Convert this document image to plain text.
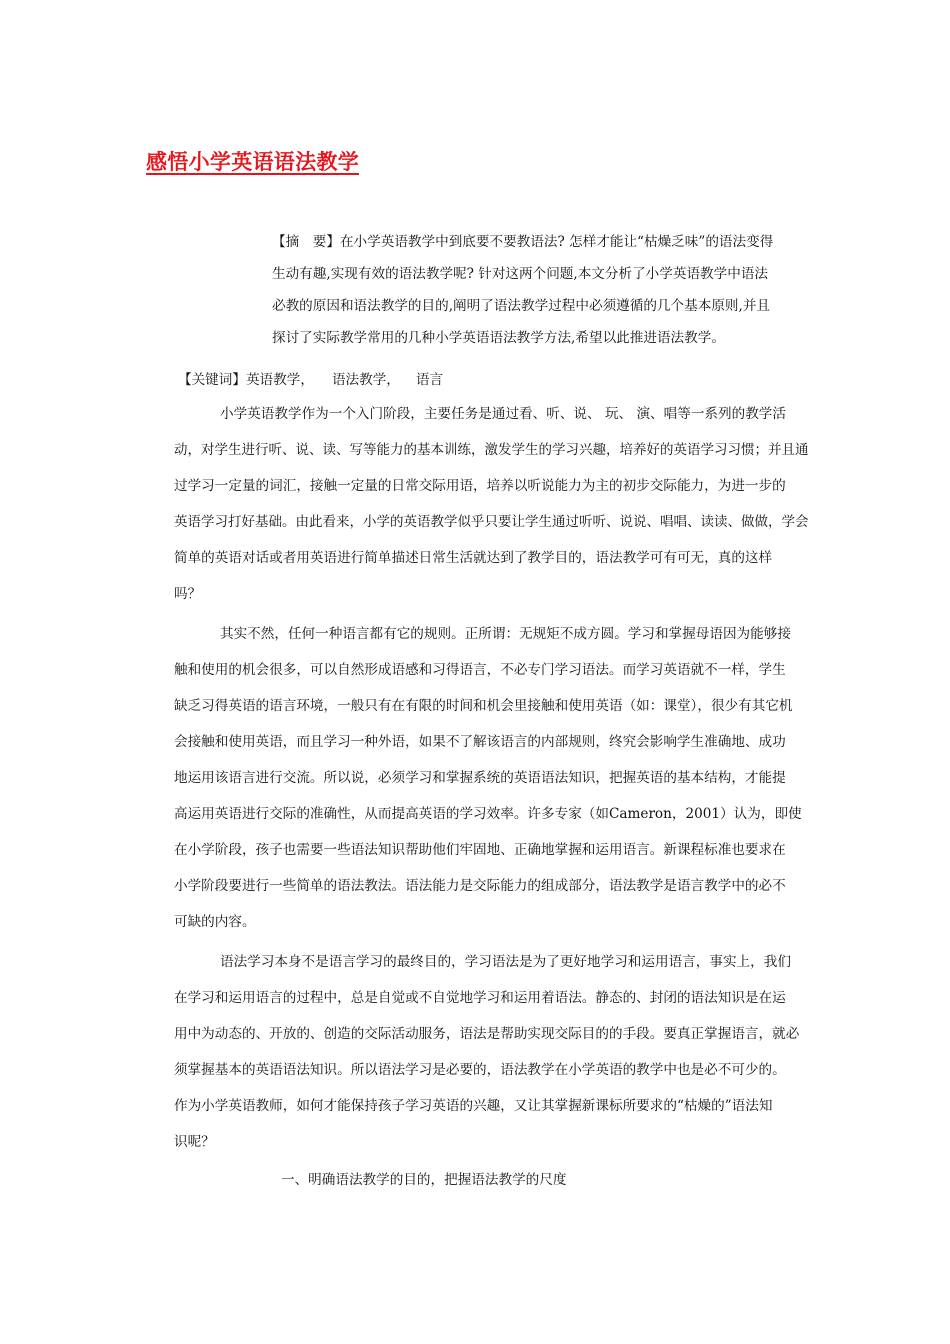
感悟小学英语语法教学
【摘　要】在小学英语教学中到底要不要教语法? 怎样才能让“枯燥乏味”的语法变得
生动有趣,实现有效的语法教学呢? 针对这两个问题,本文分析了小学英语教学中语法
必教的原因和语法教学的目的,阐明了语法教学过程中必须遵循的几个基本原则,并且
探讨了实际教学常用的几种小学英语语法教学方法,希望以此推进语法教学。
【关键词】英语教学， 语法教学， 语言
小学英语教学作为一个入门阶段，主要任务是通过看、听、说、 玩、 演、唱等一系列的教学活
动，对学生进行听、说、读、写等能力的基本训练，激发学生的学习兴趣，培养好的英语学习习惯；并且通
过学习一定量的词汇，接触一定量的日常交际用语，培养以听说能力为主的初步交际能力，为进一步的
英语学习打好基础。由此看来，小学的英语教学似乎只要让学生通过听听、说说、唱唱、读读、做做，学会
简单的英语对话或者用英语进行简单描述日常生活就达到了教学目的，语法教学可有可无，真的这样
吗？
其实不然，任何一种语言都有它的规则。正所谓：无规矩不成方圆。学习和掌握母语因为能够接
触和使用的机会很多，可以自然形成语感和习得语言，不必专门学习语法。而学习英语就不一样，学生
缺乏习得英语的语言环境，一般只有在有限的时间和机会里接触和使用英语（如：课堂），很少有其它机
会接触和使用英语，而且学习一种外语，如果不了解该语言的内部规则，终究会影响学生准确地、成功
地运用该语言进行交流。所以说，必须学习和掌握系统的英语语法知识，把握英语的基本结构，才能提
高运用英语进行交际的准确性，从而提高英语的学习效率。许多专家（如Cameron，2001）认为，即使
在小学阶段，孩子也需要一些语法知识帮助他们牢固地、正确地掌握和运用语言。新课程标准也要求在
小学阶段要进行一些简单的语法教法。语法能力是交际能力的组成部分，语法教学是语言教学中的必不
可缺的内容。
语法学习本身不是语言学习的最终目的，学习语法是为了更好地学习和运用语言，事实上，我们
在学习和运用语言的过程中，总是自觉或不自觉地学习和运用着语法。静态的、封闭的语法知识是在运
用中为动态的、开放的、创造的交际活动服务，语法是帮助实现交际目的的手段。要真正掌握语言，就必
须掌握基本的英语语法知识。所以语法学习是必要的，语法教学在小学英语的教学中也是必不可少的。
作为小学英语教师，如何才能保持孩子学习英语的兴趣，又让其掌握新课标所要求的“枯燥的”语法知
识呢？
一、明确语法教学的目的，把握语法教学的尺度
